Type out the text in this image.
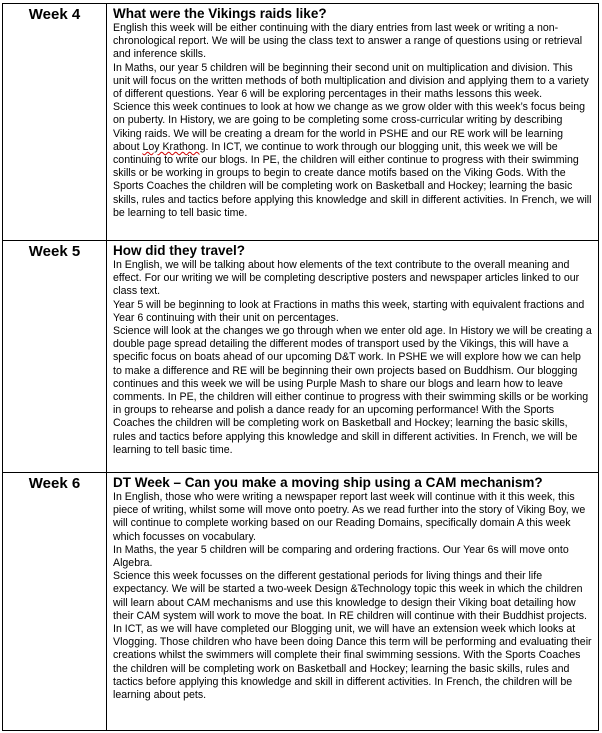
Week 4	What were the Vikings raids like?

English this week will be either continuing with the diary entries from last week or writing a non-chronological report. We will be using the class text to answer a range of questions using or retrieval and inference skills.

In Maths, our year 5 children will be beginning their second unit on multiplication and division. This unit will focus on the written methods of both multiplication and division and applying them to a variety of different questions. Year 6 will be exploring percentages in their maths lessons this week.

Science this week continues to look at how we change as we grow older with this week’s focus being on puberty. In History, we are going to be completing some cross-curricular writing by describing Viking raids. We will be creating a dream for the world in PSHE and our RE work will be learning about Loy Krathong. In ICT, we continue to work through our blogging unit, this week we will be continuing to write our blogs. In PE, the children will either continue to progress with their swimming skills or be working in groups to begin to create dance motifs based on the Viking Gods. With the Sports Coaches the children will be completing work on Basketball and Hockey; learning the basic skills, rules and tactics before applying this knowledge and skill in different activities. In French, we will be learning to tell basic time.

Week 5	How did they travel?

In English, we will be talking about how elements of the text contribute to the overall meaning and effect. For our writing we will be completing descriptive posters and newspaper articles linked to our class text.

Year 5 will be beginning to look at Fractions in maths this week, starting with equivalent fractions and Year 6 continuing with their unit on percentages.

Science will look at the changes we go through when we enter old age. In History we will be creating a double page spread detailing the different modes of transport used by the Vikings, this will have a specific focus on boats ahead of our upcoming D&T work. In PSHE we will explore how we can help to make a difference and RE will be beginning their own projects based on Buddhism. Our blogging continues and this week we will be using Purple Mash to share our blogs and learn how to leave comments. In PE, the children will either continue to progress with their swimming skills or be working in groups to rehearse and polish a dance ready for an upcoming performance! With the Sports Coaches the children will be completing work on Basketball and Hockey; learning the basic skills, rules and tactics before applying this knowledge and skill in different activities. In French, we will be learning to tell basic time.

Week 6	DT Week – Can you make a moving ship using a CAM mechanism?

In English, those who were writing a newspaper report last week will continue with it this week, this piece of writing, whilst some will move onto poetry. As we read further into the story of Viking Boy, we will continue to complete working based on our Reading Domains, specifically domain A this week which focusses on vocabulary.

In Maths, the year 5 children will be comparing and ordering fractions. Our Year 6s will move onto Algebra.

Science this week focusses on the different gestational periods for living things and their life expectancy. We will be started a two-week Design &Technology topic this week in which the children will learn about CAM mechanisms and use this knowledge to design their Viking boat detailing how their CAM system will work to move the boat. In RE children will continue with their Buddhist projects. In ICT, as we will have completed our Blogging unit, we will have an extension week which looks at Vlogging. Those children who have been doing Dance this term will be performing and evaluating their creations whilst the swimmers will complete their final swimming sessions. With the Sports Coaches the children will be completing work on Basketball and Hockey; learning the basic skills, rules and tactics before applying this knowledge and skill in different activities. In French, the children will be learning about pets.
